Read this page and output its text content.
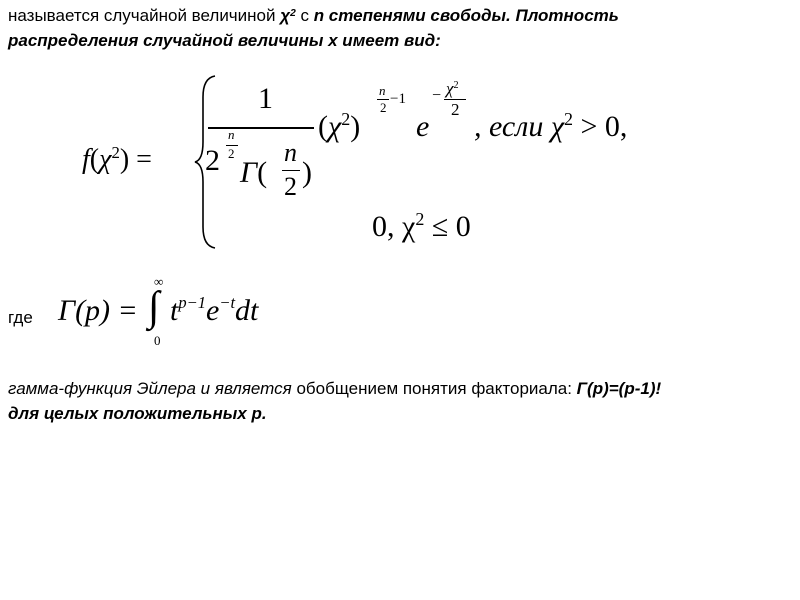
называется случайной величиной $\chi^2$ с n степенями свободы. Плотность
распределения случайной величины x имеет вид:
$f(\chi^2)$ =
1
2
n
2
Γ(
n
2 )
$(\chi^2)$
n
2
−1
e
− $\chi^2$
2
, если $\chi^2 > 0$,
0, $\chi^2 \le 0$
где Γ(p) =
∞
∫
0
$t^{p-1}e^{-t}dt$
гамма-функция Эйлера и является обобщением понятия факториала: Γ(p)=(p-1)!
для целых положительных p.
